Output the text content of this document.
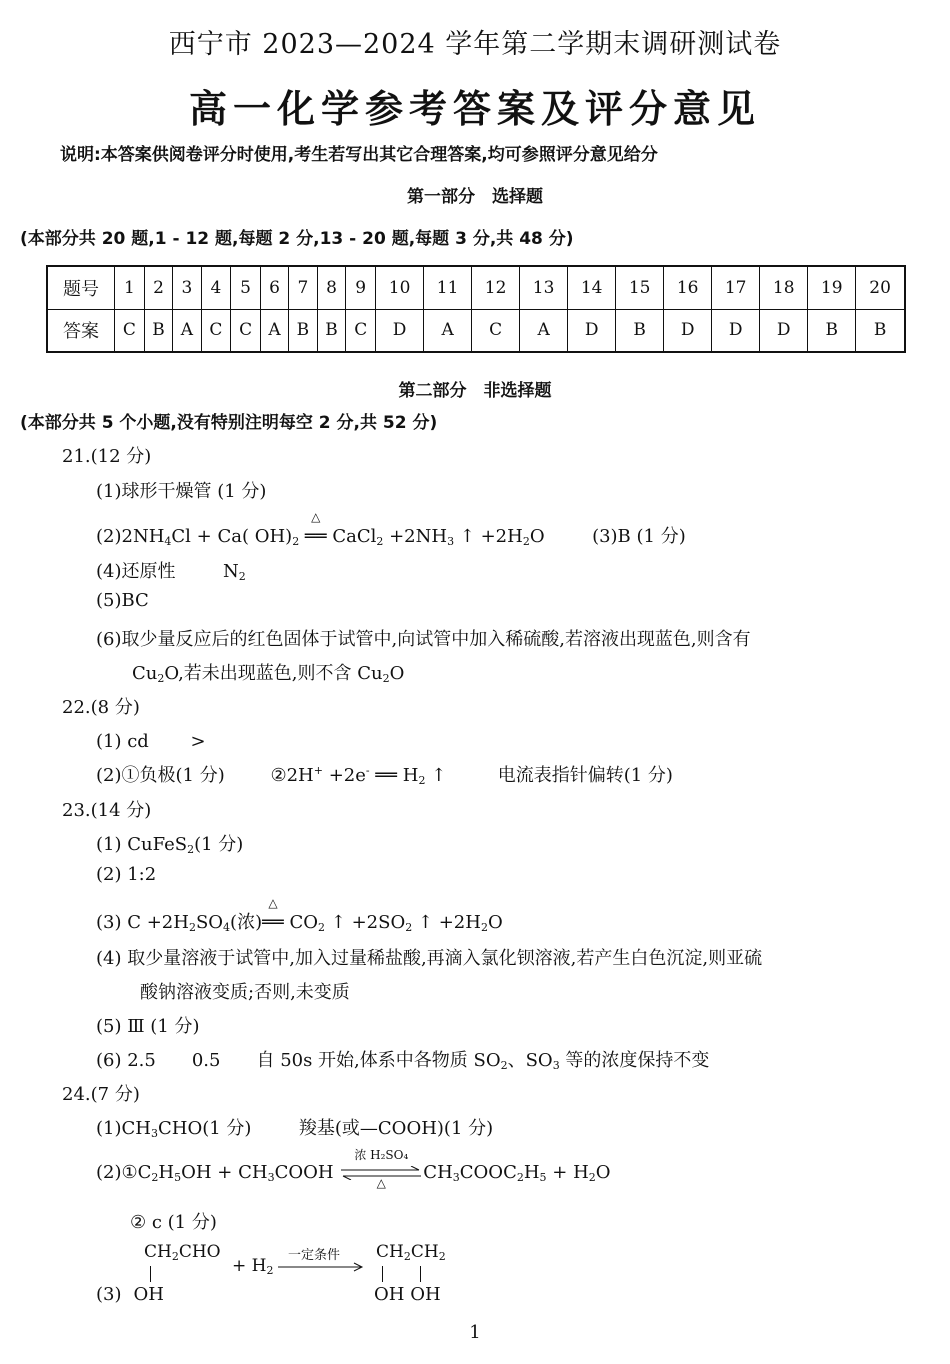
西宁市 2023—2024 学年第二学期末调研测试卷
高一化学参考答案及评分意见
说明:本答案供阅卷评分时使用,考生若写出其它合理答案,均可参照评分意见给分
第一部分　选择题
(本部分共 20 题,1 - 12 题,每题 2 分,13 - 20 题,每题 3 分,共 48 分)
题号	1	2	3	4	5	6	7	8	9	10	11	12	13	14	15	16	17	18	19	20
答案	C	B	A	C	C	A	B	B	C	D	A	C	A	D	B	D	D	D	B	B
第二部分　非选择题
(本部分共 5 个小题,没有特别注明每空 2 分,共 52 分)
21.(12 分)
(1)球形干燥管 (1 分)
$(2)2NH_4Cl + Ca$( $OH)_2$
△
══ CaCl$_2$ $+2NH_3$ ↑ $+2H_2O$  (3)B (1 分)
(4)还原性	$N_2$
(5)BC
(6)取少量反应后的红色固体于试管中,向试管中加入稀硫酸,若溶液出现蓝色,则含有
$Cu_2O$,若未出现蓝色,则不含 $Cu_2O$
22.(8 分)
(1) cd　　 >
(2)①负极(1 分)	②2H+ +2e- ══ $H_2$ ↑	电流表指针偏转(1 分)
23.(14 分)
(1) CuFeS$_2$(1 分)
(2) 1:2
(3) $C +2H_2SO_4$(浓)
△
══ $CO_2$ ↑ $+2SO_2$ ↑ $+2H_2O$
(4) 取少量溶液于试管中,加入过量稀盐酸,再滴入氯化钡溶液,若产生白色沉淀,则亚硫
酸钠溶液变质;否则,未变质
(5) Ⅲ (1 分)
(6) 2.5　　0.5　　自 50s 开始,体系中各物质 $SO_2$、$SO_3$ 等的浓度保持不变
24.(7 分)
$(1)CH_3CHO(1$ 分)	羧基(或—COOH)(1 分)
$(2)①C_2H_5OH$ + $CH_3COOH$
浓 H₂SO₄
△	$CH_3COOC_2H_5 + H_2O$
② c (1 分)
$CH_2CHO$
(3) OH
+ $H_2$
一定条件 $CH_2CH_2$
OH OH
1
